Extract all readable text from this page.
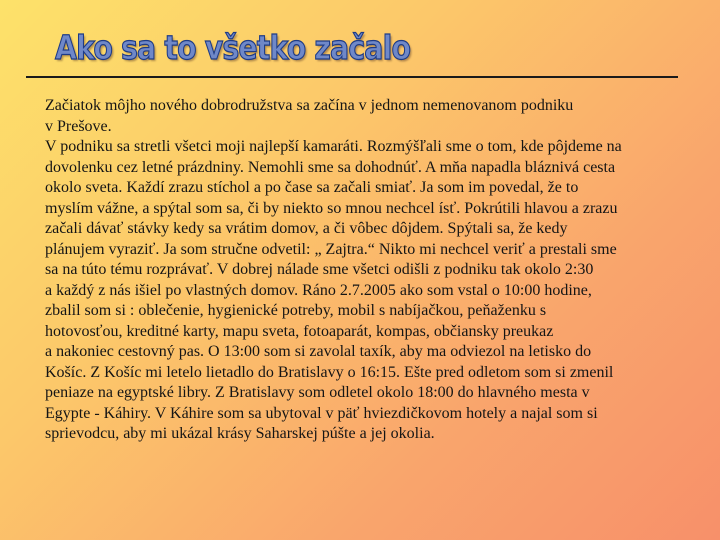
Ako sa to všetko začalo
Začiatok môjho nového dobrodružstva sa začína v jednom nemenovanom podniku
v Prešove.
V podniku sa stretli všetci moji najlepší kamaráti. Rozmýšľali sme o tom, kde pôjdeme na
dovolenku cez letné prázdniny. Nemohli sme sa dohodnúť. A mňa napadla bláznivá cesta
okolo sveta. Každí zrazu stíchol a po čase sa začali smiať. Ja som im povedal, že to
myslím vážne, a spýtal som sa, či by niekto so mnou nechcel ísť. Pokrútili hlavou a zrazu
začali dávať stávky kedy sa vrátim domov, a či vôbec dôjdem. Spýtali sa, že kedy
plánujem vyraziť. Ja som stručne odvetil: „ Zajtra.“ Nikto mi nechcel veriť a prestali sme
sa na túto tému rozprávať. V dobrej nálade sme všetci odišli z podniku tak okolo 2:30
a každý z nás išiel po vlastných domov. Ráno 2.7.2005 ako som vstal o 10:00 hodine,
zbalil som si : oblečenie, hygienické potreby, mobil s nabíjačkou, peňaženku s
hotovosťou, kreditné karty, mapu sveta, fotoaparát, kompas, občiansky preukaz
a nakoniec cestovný pas. O 13:00 som si zavolal taxík, aby ma odviezol na letisko do
Košíc. Z Košíc mi letelo lietadlo do Bratislavy o 16:15. Ešte pred odletom som si zmenil
peniaze na egyptské libry. Z Bratislavy som odletel okolo 18:00 do hlavného mesta v
Egypte - Káhiry. V Káhire som sa ubytoval v päť hviezdičkovom hotely a najal som si
sprievodcu, aby mi ukázal krásy Saharskej púšte a jej okolia.
